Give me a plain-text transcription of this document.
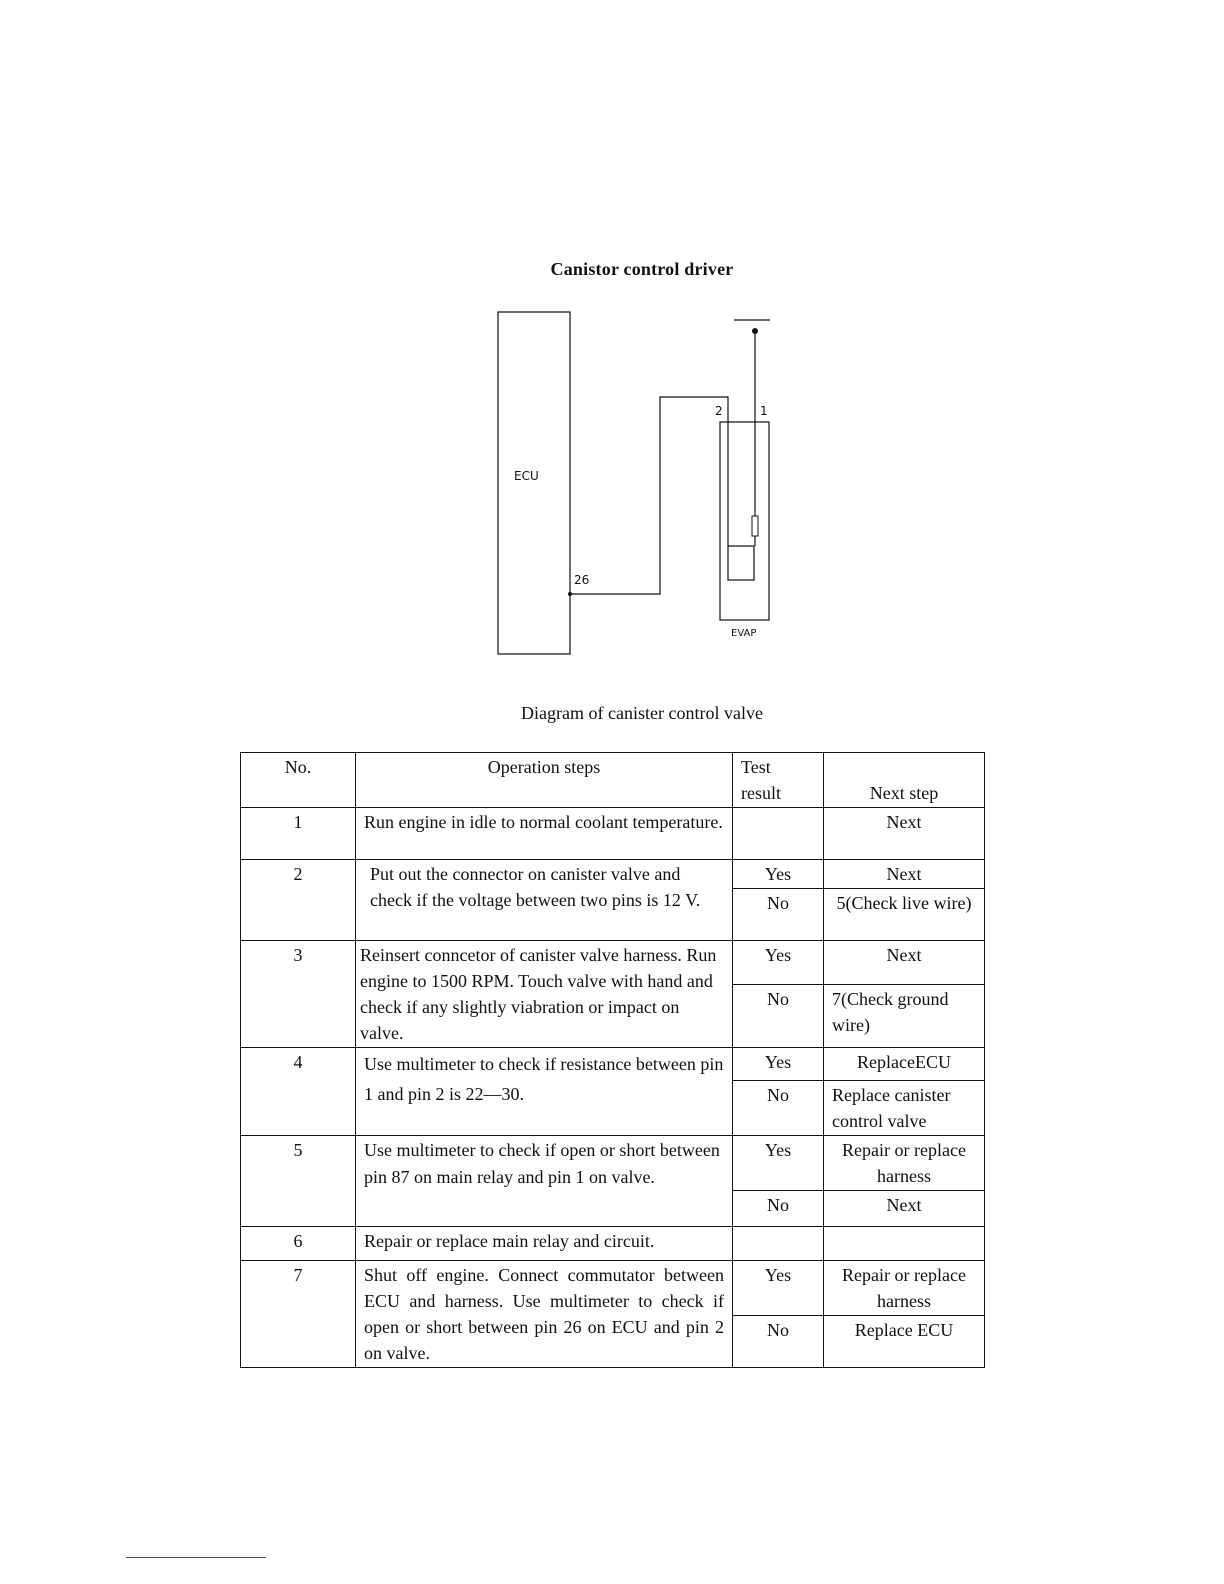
Canistor control driver
ECU
26
2	1
EVAP
Diagram of canister control valve
No.	Operation steps	Test result	Next step
1	Run engine in idle to normal coolant temperature.		Next
2	Put out the connector on canister valve and check if the voltage between two pins is 12 V.	Yes	Next
		No	5(Check live wire)
3	Reinsert conncetor of canister valve harness. Run engine to 1500 RPM. Touch valve with hand and check if any slightly viabration or impact on valve.	Yes	Next
		No	7(Check ground wire)
4	Use multimeter to check if resistance between pin 1 and pin 2 is 22—30.	Yes	ReplaceECU
		No	Replace canister control valve
5	Use multimeter to check if open or short between pin 87 on main relay and pin 1 on valve.	Yes	Repair or replace harness
		No	Next
6	Repair or replace main relay and circuit.		
7	Shut off engine. Connect commutator between ECU and harness. Use multimeter to check if open or short between pin 26 on ECU and pin 2 on valve.	Yes	Repair or replace harness
		No	Replace ECU
